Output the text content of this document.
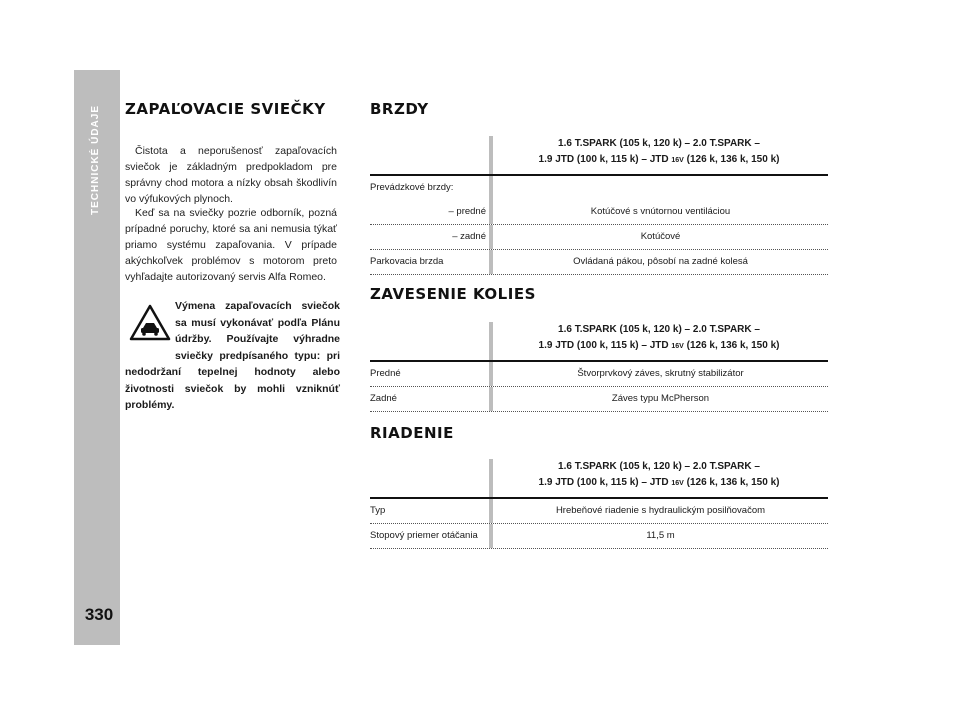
TECHNICKÉ ÚDAJE
330
ZAPAĽOVACIE SVIEČKY

Čistota a neporušenosť zapaľovacích sviečok je základným predpokladom pre správny chod motora a nízky obsah škodlivín vo výfukových plynoch.

Keď sa na sviečky pozrie odborník, pozná prípadné poruchy, ktoré sa ani nemusia týkať priamo systému zapaľovania. V prípade akýchkoľvek problémov s motorom preto vyhľadajte autorizovaný servis Alfa Romeo.

Výmena zapaľovacích sviečok sa musí vykonávať podľa Plánu údržby. Používajte výhradne sviečky predpísaného typu: pri nedodržaní tepelnej hodnoty alebo životnosti sviečok by mohli vzniknúť problémy.

BRZDY
1.6 T.SPARK (105 k, 120 k) – 2.0 T.SPARK –
1.9 JTD (100 k, 115 k) – JTD 16V (126 k, 136 k, 150 k)
Prevádzkové brzdy:
– predné	Kotúčové s vnútornou ventiláciou
– zadné	Kotúčové
Parkovacia brzda	Ovládaná pákou, pôsobí na zadné kolesá
ZAVESENIE KOLIES
1.6 T.SPARK (105 k, 120 k) – 2.0 T.SPARK –
1.9 JTD (100 k, 115 k) – JTD 16V (126 k, 136 k, 150 k)
Predné	Štvorprvkový záves, skrutný stabilizátor
Zadné	Záves typu McPherson
RIADENIE
1.6 T.SPARK (105 k, 120 k) – 2.0 T.SPARK –
1.9 JTD (100 k, 115 k) – JTD 16V (126 k, 136 k, 150 k)
Typ	Hrebeňové riadenie s hydraulickým posilňovačom
Stopový priemer otáčania	11,5 m
